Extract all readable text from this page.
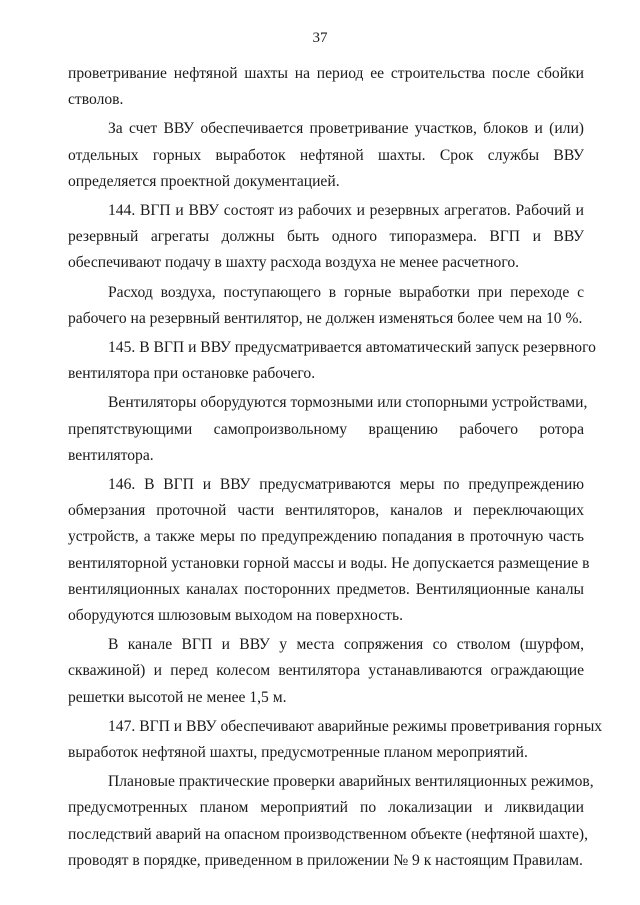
37
проветривание нефтяной шахты на период ее строительства после сбойки
стволов.
За счет ВВУ обеспечивается проветривание участков, блоков и (или)
отдельных горных выработок нефтяной шахты. Срок службы ВВУ
определяется проектной документацией.
144. ВГП и ВВУ состоят из рабочих и резервных агрегатов. Рабочий и
резервный агрегаты должны быть одного типоразмера. ВГП и ВВУ
обеспечивают подачу в шахту расхода воздуха не менее расчетного.
Расход воздуха, поступающего в горные выработки при переходе с
рабочего на резервный вентилятор, не должен изменяться более чем на 10 %.
145. В ВГП и ВВУ предусматривается автоматический запуск резервного
вентилятора при остановке рабочего.
Вентиляторы оборудуются тормозными или стопорными устройствами,
препятствующими самопроизвольному вращению рабочего ротора
вентилятора.
146. В ВГП и ВВУ предусматриваются меры по предупреждению
обмерзания проточной части вентиляторов, каналов и переключающих
устройств, а также меры по предупреждению попадания в проточную часть
вентиляторной установки горной массы и воды. Не допускается размещение в
вентиляционных каналах посторонних предметов. Вентиляционные каналы
оборудуются шлюзовым выходом на поверхность.
В канале ВГП и ВВУ у места сопряжения со стволом (шурфом,
скважиной) и перед колесом вентилятора устанавливаются ограждающие
решетки высотой не менее 1,5 м.
147. ВГП и ВВУ обеспечивают аварийные режимы проветривания горных
выработок нефтяной шахты, предусмотренные планом мероприятий.
Плановые практические проверки аварийных вентиляционных режимов,
предусмотренных планом мероприятий по локализации и ликвидации
последствий аварий на опасном производственном объекте (нефтяной шахте),
проводят в порядке, приведенном в приложении № 9 к настоящим Правилам.
